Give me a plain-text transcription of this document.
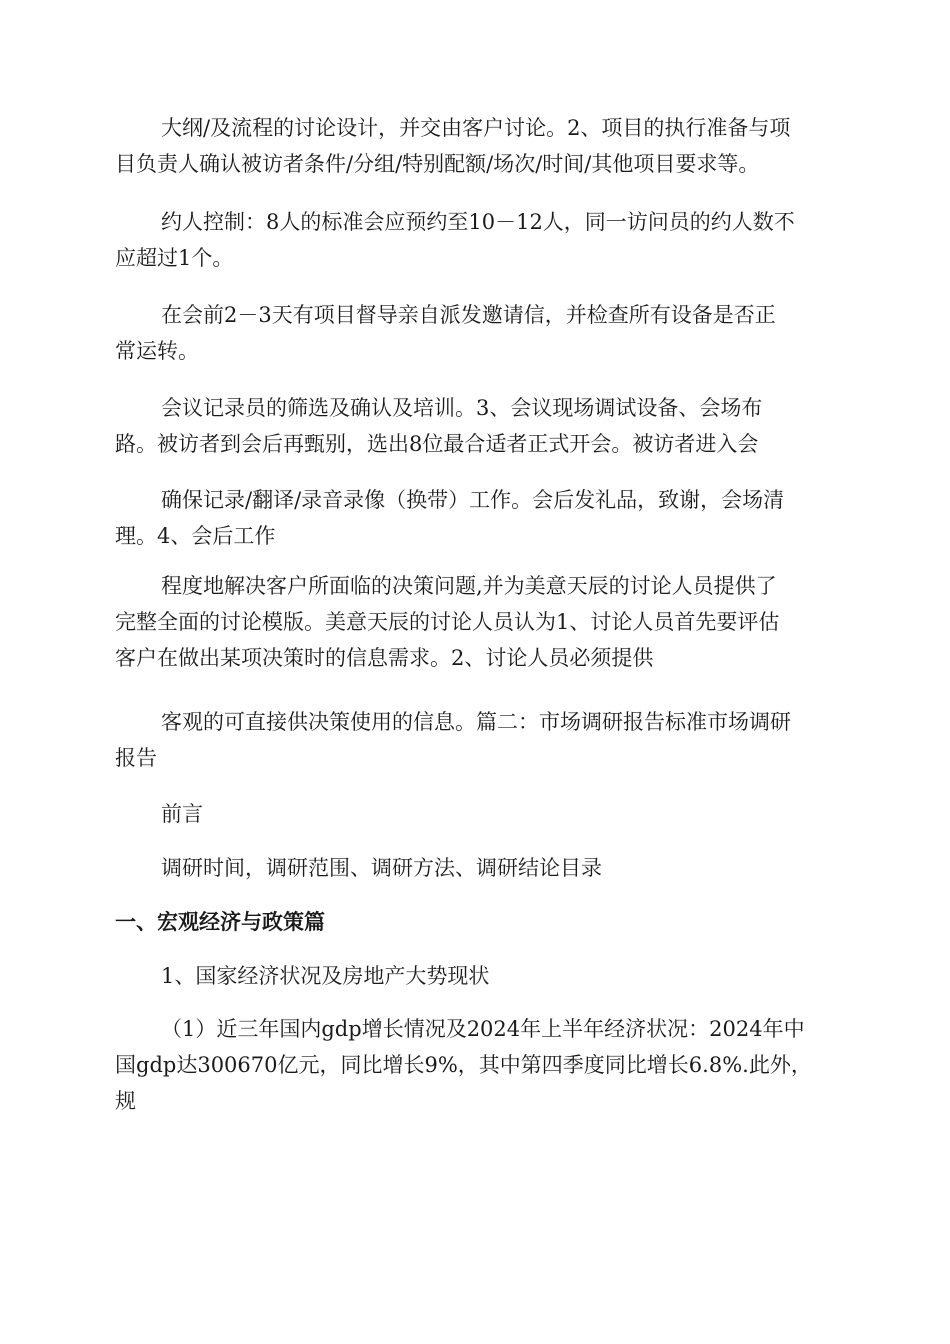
大纲/及流程的讨论设计，并交由客户讨论。2、项目的执行准备与项
目负责人确认被访者条件/分组/特别配额/场次/时间/其他项目要求等。
约人控制：8人的标准会应预约至10－12人，同一访问员的约人数不
应超过1个。
在会前2－3天有项目督导亲自派发邀请信，并检查所有设备是否正
常运转。
会议记录员的筛选及确认及培训。3、会议现场调试设备、会场布
路。被访者到会后再甄别，选出8位最合适者正式开会。被访者进入会
确保记录/翻译/录音录像（换带）工作。会后发礼品，致谢，会场清
理。4、会后工作
程度地解决客户所面临的决策问题,并为美意天辰的讨论人员提供了
完整全面的讨论模版。美意天辰的讨论人员认为1、讨论人员首先要评估
客户在做出某项决策时的信息需求。2、讨论人员必须提供
客观的可直接供决策使用的信息。篇二：市场调研报告标准市场调研
报告
前言
调研时间，调研范围、调研方法、调研结论目录
一、宏观经济与政策篇
1、国家经济状况及房地产大势现状
（1）近三年国内gdp增长情况及2024年上半年经济状况：2024年中
国gdp达300670亿元，同比增长9%，其中第四季度同比增长6.8%.此外，
规
